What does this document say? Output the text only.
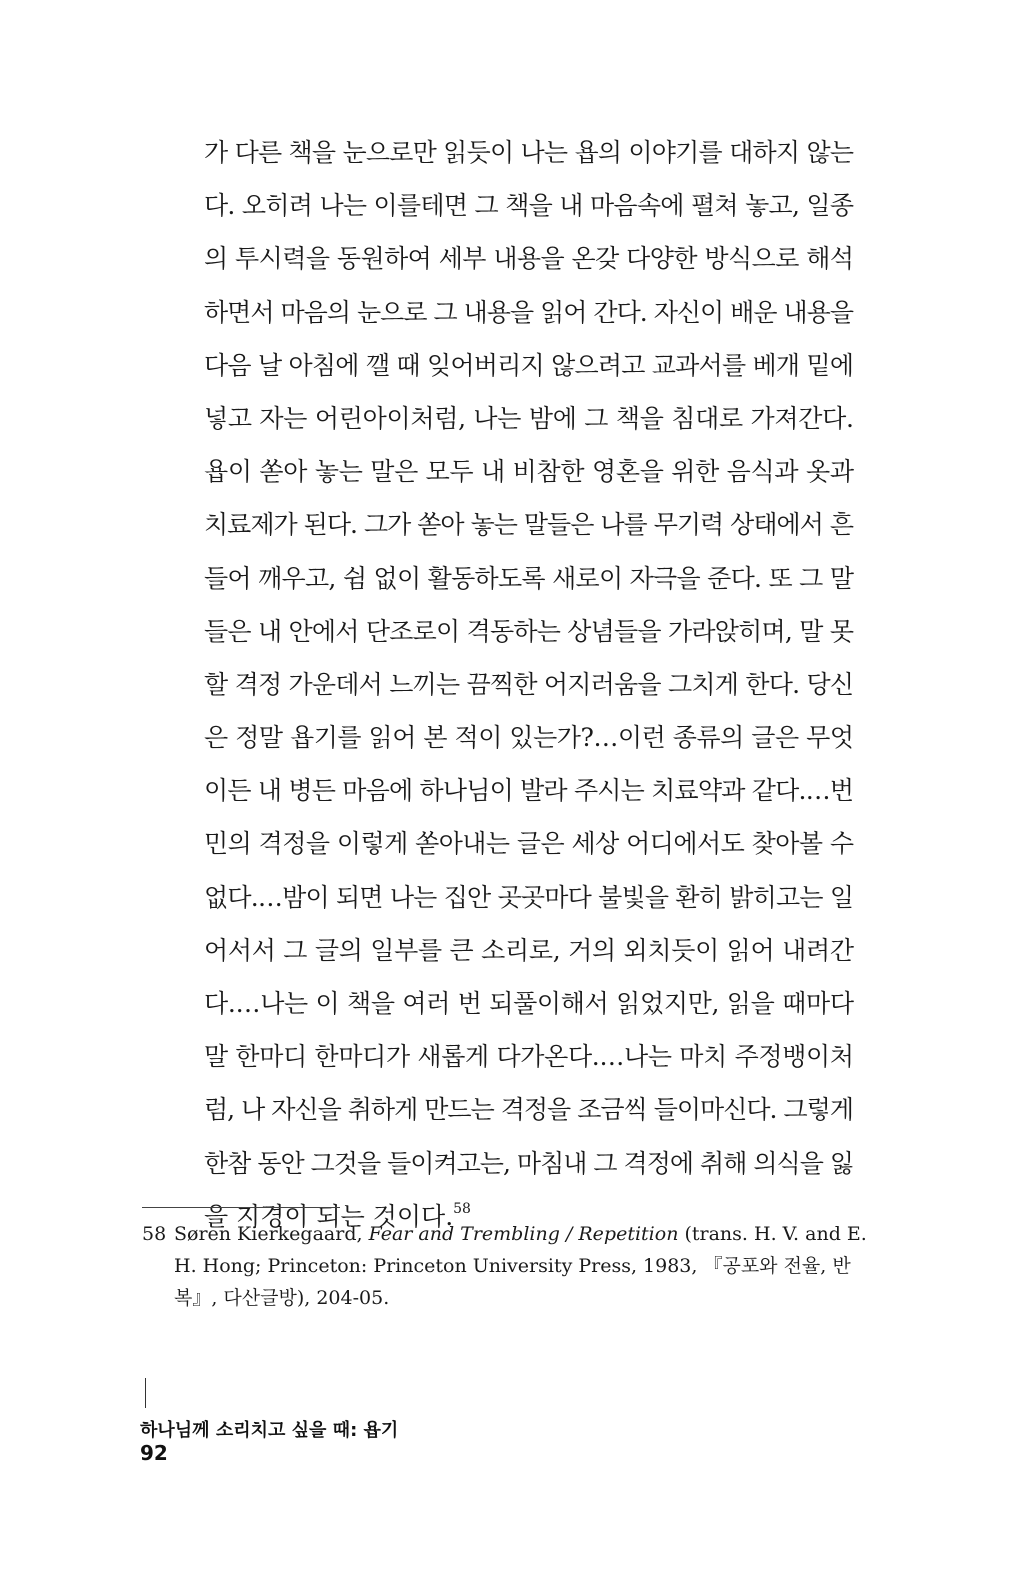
가 다른 책을 눈으로만 읽듯이 나는 욥의 이야기를 대하지 않는
다. 오히려 나는 이를테면 그 책을 내 마음속에 펼쳐 놓고, 일종
의 투시력을 동원하여 세부 내용을 온갖 다양한 방식으로 해석
하면서 마음의 눈으로 그 내용을 읽어 간다. 자신이 배운 내용을
다음 날 아침에 깰 때 잊어버리지 않으려고 교과서를 베개 밑에
넣고 자는 어린아이처럼, 나는 밤에 그 책을 침대로 가져간다.
욥이 쏟아 놓는 말은 모두 내 비참한 영혼을 위한 음식과 옷과
치료제가 된다. 그가 쏟아 놓는 말들은 나를 무기력 상태에서 흔
들어 깨우고, 쉼 없이 활동하도록 새로이 자극을 준다. 또 그 말
들은 내 안에서 단조로이 격동하는 상념들을 가라앉히며, 말 못
할 격정 가운데서 느끼는 끔찍한 어지러움을 그치게 한다. 당신
은 정말 욥기를 읽어 본 적이 있는가?…이런 종류의 글은 무엇
이든 내 병든 마음에 하나님이 발라 주시는 치료약과 같다.…번
민의 격정을 이렇게 쏟아내는 글은 세상 어디에서도 찾아볼 수
없다.…밤이 되면 나는 집안 곳곳마다 불빛을 환히 밝히고는 일
어서서 그 글의 일부를 큰 소리로, 거의 외치듯이 읽어 내려간
다.…나는 이 책을 여러 번 되풀이해서 읽었지만, 읽을 때마다
말 한마디 한마디가 새롭게 다가온다.…나는 마치 주정뱅이처
럼, 나 자신을 취하게 만드는 격정을 조금씩 들이마신다. 그렇게
한참 동안 그것을 들이켜고는, 마침내 그 격정에 취해 의식을 잃
을 지경이 되는 것이다.$^{58}$
58 Søren Kierkegaard, Fear and Trembling / Repetition (trans. H. V. and E.
H. Hong; Princeton: Princeton University Press, 1983, 『공포와 전율, 반
복』, 다산글방), 204-05.
하나님께 소리치고 싶을 때: 욥기
92
